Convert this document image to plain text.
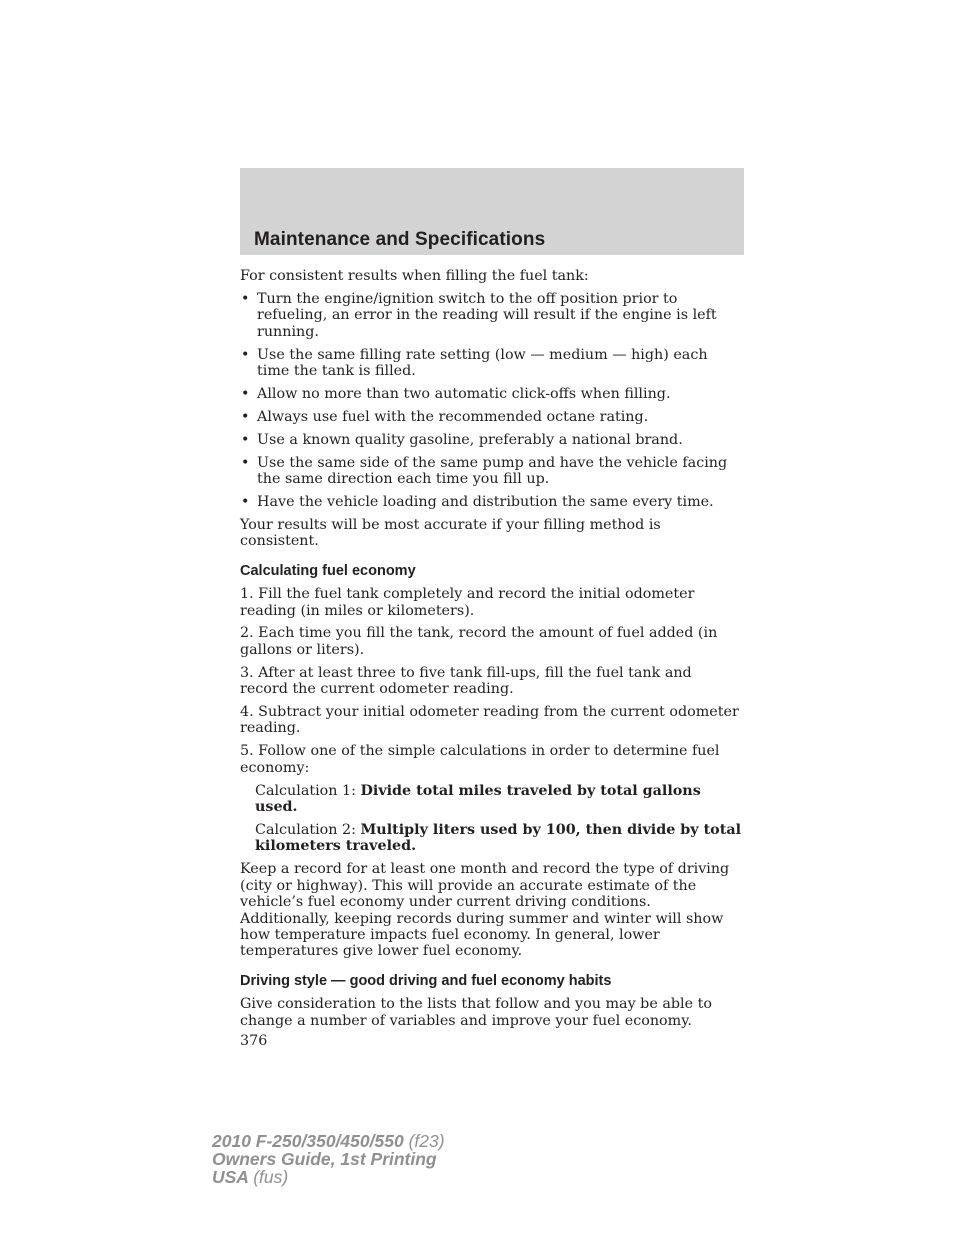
Maintenance and Specifications

For consistent results when filling the fuel tank:

• Turn the engine/ignition switch to the off position prior to refueling, an error in the reading will result if the engine is left running.
• Use the same filling rate setting (low — medium — high) each time the tank is filled.
• Allow no more than two automatic click-offs when filling.
• Always use fuel with the recommended octane rating.
• Use a known quality gasoline, preferably a national brand.
• Use the same side of the same pump and have the vehicle facing the same direction each time you fill up.
• Have the vehicle loading and distribution the same every time.

Your results will be most accurate if your filling method is consistent.

Calculating fuel economy

1. Fill the fuel tank completely and record the initial odometer reading (in miles or kilometers).

2. Each time you fill the tank, record the amount of fuel added (in gallons or liters).

3. After at least three to five tank fill-ups, fill the fuel tank and record the current odometer reading.

4. Subtract your initial odometer reading from the current odometer reading.

5. Follow one of the simple calculations in order to determine fuel economy:

Calculation 1: Divide total miles traveled by total gallons used.

Calculation 2: Multiply liters used by 100, then divide by total kilometers traveled.

Keep a record for at least one month and record the type of driving (city or highway). This will provide an accurate estimate of the vehicle’s fuel economy under current driving conditions. Additionally, keeping records during summer and winter will show how temperature impacts fuel economy. In general, lower temperatures give lower fuel economy.

Driving style — good driving and fuel economy habits

Give consideration to the lists that follow and you may be able to change a number of variables and improve your fuel economy.

376
2010 F-250/350/450/550 (f23)
Owners Guide, 1st Printing
USA (fus)
